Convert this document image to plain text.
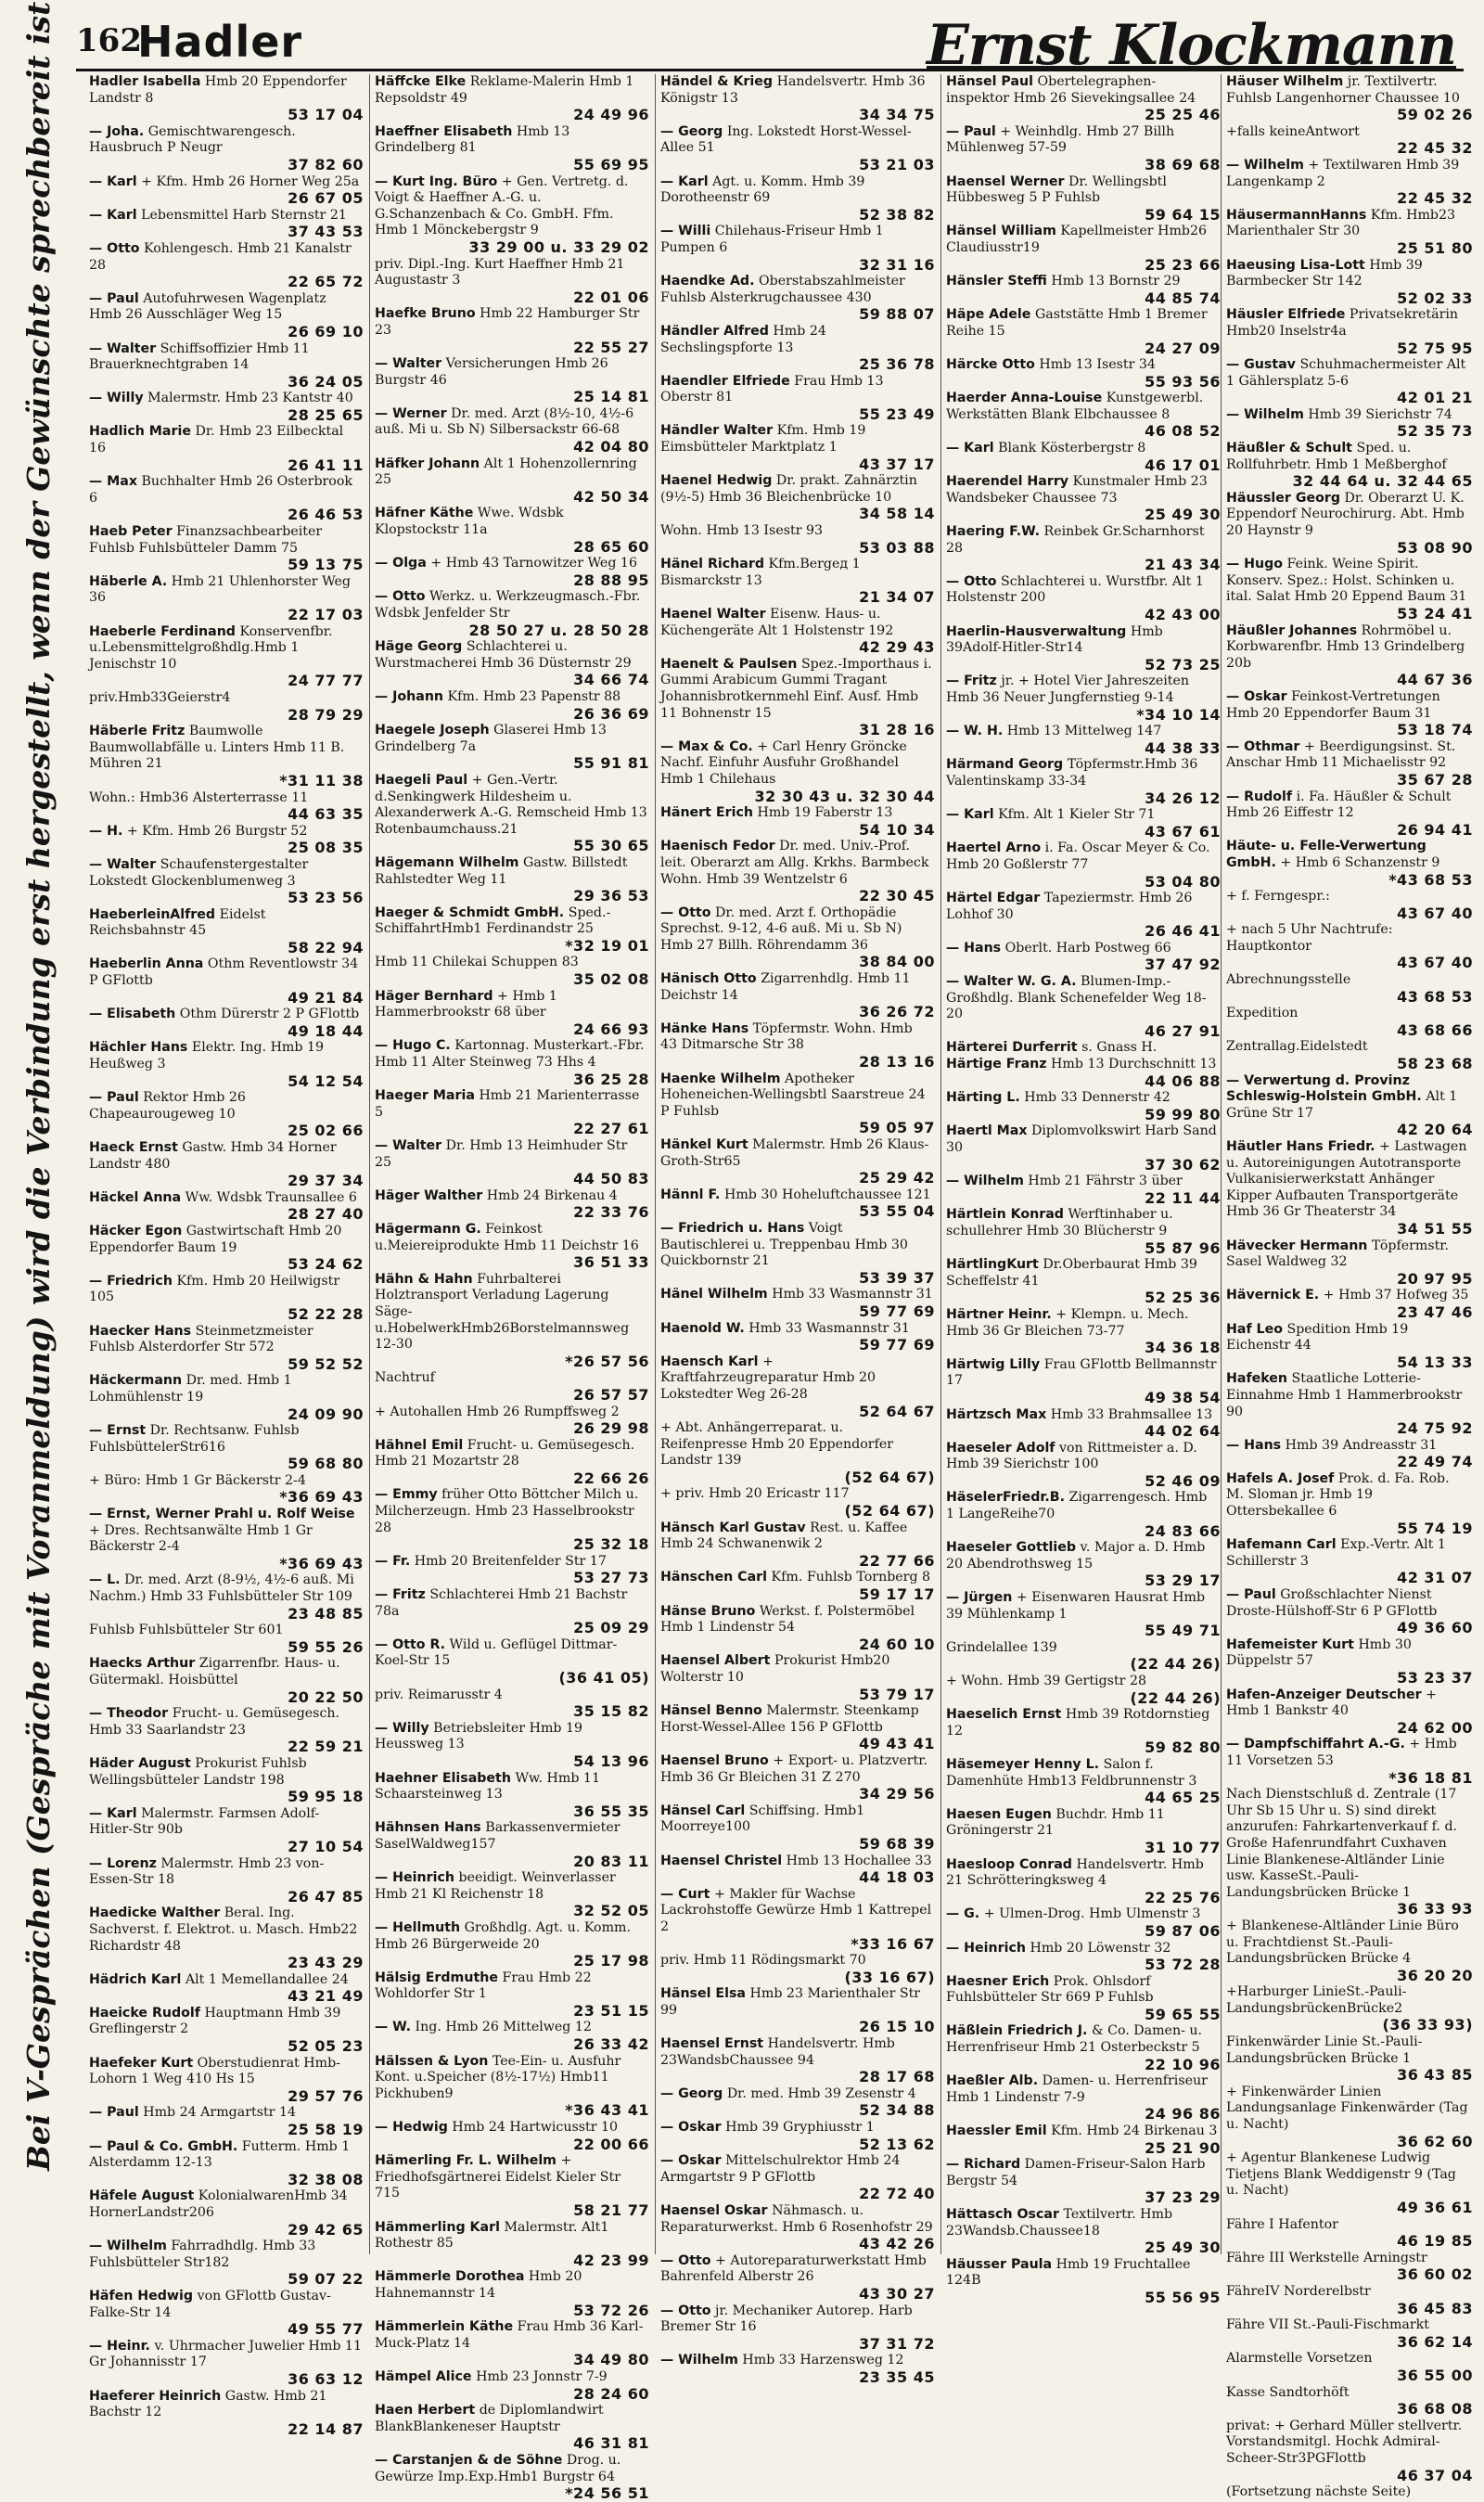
162
Hadler	Ernst Klockmann
Bei V-Gesprächen (Gespräche mit Voranmeldung) wird die Verbindung erst hergestellt, wenn der Gewünschte sprechbereit ist Hadler Isabella Hmb 20 Eppendorfer Landstr 8
53 17 04
— Joha. Gemischtwarengesch. Hausbruch P Neugr
37 82 60
— Karl + Kfm. Hmb 26 Horner Weg 25a
26 67 05
— Karl Lebensmittel Harb Sternstr 21
37 43 53
— Otto Kohlengesch. Hmb 21 Kanalstr 28
22 65 72
— Paul Autofuhrwesen Wagenplatz Hmb 26 Ausschläger Weg 15
26 69 10
— Walter Schiffsoffizier Hmb 11 Brauerknechtgraben 14
36 24 05
— Willy Malermstr. Hmb 23 Kantstr 40
28 25 65
Hadlich Marie Dr. Hmb 23 Eilbecktal 16
26 41 11
— Max Buchhalter Hmb 26 Osterbrook 6
26 46 53
Haeb Peter Finanzsachbearbeiter Fuhlsb Fuhlsbütteler Damm 75
59 13 75
Häberle A. Hmb 21 Uhlenhorster Weg 36
22 17 03
Haeberle Ferdinand Konservenfbr. u.Lebensmittelgroßhdlg.Hmb 1 Jenischstr 10
24 77 77
priv.Hmb33Geierstr4
28 79 29
Häberle Fritz Baumwolle Baumwollabfälle u. Linters Hmb 11 B. Mühren 21
*31 11 38
Wohn.: Hmb36 Alsterterrasse 11
44 63 35
— H. + Kfm. Hmb 26 Burgstr 52
25 08 35
— Walter Schaufenstergestalter Lokstedt Glockenblumenweg 3
53 23 56
HaeberleinAlfred Eidelst Reichsbahnstr 45
58 22 94
Haeberlin Anna Othm Reventlowstr 34 P GFlottb
49 21 84
— Elisabeth Othm Dürerstr 2 P GFlottb
49 18 44
Hächler Hans Elektr. Ing. Hmb 19 Heußweg 3
54 12 54
— Paul Rektor Hmb 26 Chapeaurougeweg 10
25 02 66
Haeck Ernst Gastw. Hmb 34 Horner Landstr 480
29 37 34
Häckel Anna Ww. Wdsbk Traunsallee 6
28 27 40
Häcker Egon Gastwirtschaft Hmb 20 Eppendorfer Baum 19
53 24 62
— Friedrich Kfm. Hmb 20 Heilwigstr 105
52 22 28
Haecker Hans Steinmetzmeister Fuhlsb Alsterdorfer Str 572
59 52 52
Häckermann Dr. med. Hmb 1 Lohmühlenstr 19
24 09 90
— Ernst Dr. Rechtsanw. Fuhlsb FuhlsbüttelerStr616
59 68 80
+ Büro: Hmb 1 Gr Bäckerstr 2-4
*36 69 43
— Ernst, Werner Prahl u. Rolf Weise + Dres. Rechtsanwälte Hmb 1 Gr Bäckerstr 2-4
*36 69 43
— L. Dr. med. Arzt (8-9½, 4½-6 auß. Mi Nachm.) Hmb 33 Fuhlsbütteler Str 109
23 48 85
Fuhlsb Fuhlsbütteler Str 601
59 55 26
Haecks Arthur Zigarrenfbr. Haus- u. Gütermakl. Hoisbüttel
20 22 50
— Theodor Frucht- u. Gemüsegesch. Hmb 33 Saarlandstr 23
22 59 21
Häder August Prokurist Fuhlsb Wellingsbütteler Landstr 198
59 95 18
— Karl Malermstr. Farmsen Adolf-Hitler-Str 90b
27 10 54
— Lorenz Malermstr. Hmb 23 von-Essen-Str 18
26 47 85
Haedicke Walther Beral. Ing. Sachverst. f. Elektrot. u. Masch. Hmb22 Richardstr 48
23 43 29
Hädrich Karl Alt 1 Memellandallee 24
43 21 49
Haeicke Rudolf Hauptmann Hmb 39 Greflingerstr 2
52 05 23
Haefeker Kurt Oberstudienrat Hmb-Lohorn 1 Weg 410 Hs 15
29 57 76
— Paul Hmb 24 Armgartstr 14
25 58 19
— Paul & Co. GmbH. Futterm. Hmb 1 Alsterdamm 12-13
32 38 08
Häfele August KolonialwarenHmb 34 HornerLandstr206
29 42 65
— Wilhelm Fahrradhdlg. Hmb 33 Fuhlsbütteler Str182
59 07 22
Häfen Hedwig von GFlottb Gustav-Falke-Str 14
49 55 77
— Heinr. v. Uhrmacher Juwelier Hmb 11 Gr Johannisstr 17
36 63 12
Haeferer Heinrich Gastw. Hmb 21 Bachstr 12
22 14 87
Häffcke Elke Reklame-Malerin Hmb 1 Repsoldstr 49
24 49 96
Haeffner Elisabeth Hmb 13 Grindelberg 81
55 69 95
— Kurt Ing. Büro + Gen. Vertretg. d. Voigt & Haeffner A.-G. u. G.Schanzenbach & Co. GmbH. Ffm. Hmb 1 Mönckebergstr 9
33 29 00 u. 33 29 02
priv. Dipl.-Ing. Kurt Haeffner Hmb 21 Augustastr 3
22 01 06
Haefke Bruno Hmb 22 Hamburger Str 23
22 55 27
— Walter Versicherungen Hmb 26 Burgstr 46
25 14 81
— Werner Dr. med. Arzt (8½-10, 4½-6 auß. Mi u. Sb N) Silbersackstr 66-68
42 04 80
Häfker Johann Alt 1 Hohenzollernring 25
42 50 34
Häfner Käthe Wwe. Wdsbk Klopstockstr 11a
28 65 60
— Olga + Hmb 43 Tarnowitzer Weg 16
28 88 95
— Otto Werkz. u. Werkzeugmasch.-Fbr. Wdsbk Jenfelder Str
28 50 27 u. 28 50 28
Häge Georg Schlachterei u. Wurstmacherei Hmb 36 Düsternstr 29
34 66 74
— Johann Kfm. Hmb 23 Papenstr 88
26 36 69
Haegele Joseph Glaserei Hmb 13 Grindelberg 7a
55 91 81
Haegeli Paul + Gen.-Vertr. d.Senkingwerk Hildesheim u. Alexanderwerk A.-G. Remscheid Hmb 13 Rotenbaumchauss.21
55 30 65
Hägemann Wilhelm Gastw. Billstedt Rahlstedter Weg 11
29 36 53
Haeger & Schmidt GmbH. Sped.-SchiffahrtHmb1 Ferdinandstr 25
*32 19 01
Hmb 11 Chilekai Schuppen 83
35 02 08
Häger Bernhard + Hmb 1 Hammerbrookstr 68 über
24 66 93
— Hugo C. Kartonnag. Musterkart.-Fbr. Hmb 11 Alter Steinweg 73 Hhs 4
36 25 28
Haeger Maria Hmb 21 Marienterrasse 5
22 27 61
— Walter Dr. Hmb 13 Heimhuder Str 25
44 50 83
Häger Walther Hmb 24 Birkenau 4
22 33 76
Hägermann G. Feinkost u.Meiereiprodukte Hmb 11 Deichstr 16
36 51 33
Hähn & Hahn Fuhrbalterei Holztransport Verladung Lagerung Säge- u.HobelwerkHmb26Borstelmannsweg 12-30
*26 57 56
Nachtruf
26 57 57
+ Autohallen Hmb 26 Rumpffsweg 2
26 29 98
Hähnel Emil Frucht- u. Gemüsegesch. Hmb 21 Mozartstr 28
22 66 26
— Emmy früher Otto Böttcher Milch u. Milcherzeugn. Hmb 23 Hasselbrookstr 28
25 32 18
— Fr. Hmb 20 Breitenfelder Str 17
53 27 73
— Fritz Schlachterei Hmb 21 Bachstr 78a
25 09 29
— Otto R. Wild u. Geflügel Dittmar-Koel-Str 15
(36 41 05)
priv. Reimarusstr 4
35 15 82
— Willy Betriebsleiter Hmb 19 Heussweg 13
54 13 96
Haehner Elisabeth Ww. Hmb 11 Schaarsteinweg 13
36 55 35
Hähnsen Hans Barkassenvermieter SaselWaldweg157
20 83 11
— Heinrich beeidigt. Weinverlasser Hmb 21 Kl Reichenstr 18
32 52 05
— Hellmuth Großhdlg. Agt. u. Komm. Hmb 26 Bürgerweide 20
25 17 98
Hälsig Erdmuthe Frau Hmb 22 Wohldorfer Str 1
23 51 15
— W. Ing. Hmb 26 Mittelweg 12
26 33 42
Hälssen & Lyon Tee-Ein- u. Ausfuhr Kont. u.Speicher (8½-17½) Hmb11 Pickhuben9
*36 43 41
— Hedwig Hmb 24 Hartwicusstr 10
22 00 66
Hämerling Fr. L. Wilhelm + Friedhofsgärtnerei Eidelst Kieler Str 715
58 21 77
Hämmerling Karl Malermstr. Alt1 Rothestr 85
42 23 99
Hämmerle Dorothea Hmb 20 Hahnemannstr 14
53 72 26
Hämmerlein Käthe Frau Hmb 36 Karl-Muck-Platz 14
34 49 80
Hämpel Alice Hmb 23 Jonnstr 7-9
28 24 60
Haen Herbert de Diplomlandwirt BlankBlankeneser Hauptstr
46 31 81
— Carstanjen & de Söhne Drog. u. Gewürze Imp.Exp.Hmb1 Burgstr 64
*24 56 51
Händel & Krieg Handelsvertr. Hmb 36 Königstr 13
34 34 75
— Georg Ing. Lokstedt Horst-Wessel-Allee 51
53 21 03
— Karl Agt. u. Komm. Hmb 39 Dorotheenstr 69
52 38 82
— Willi Chilehaus-Friseur Hmb 1 Pumpen 6
32 31 16
Haendke Ad. Oberstabszahlmeister Fuhlsb Alsterkrugchaussee 430
59 88 07
Händler Alfred Hmb 24 Sechslingspforte 13
25 36 78
Haendler Elfriede Frau Hmb 13 Oberstr 81
55 23 49
Händler Walter Kfm. Hmb 19 Eimsbütteler Marktplatz 1
43 37 17
Haenel Hedwig Dr. prakt. Zahnärztin (9½-5) Hmb 36 Bleichenbrücke 10
34 58 14
Wohn. Hmb 13 Isestr 93
53 03 88
Hänel Richard Kfm.Bergед 1 Bismarckstr 13
21 34 07
Haenel Walter Eisenw. Haus- u. Küchengeräte Alt 1 Holstenstr 192
42 29 43
Haenelt & Paulsen Spez.-Importhaus i. Gummi Arabicum Gummi Tragant Johannisbrotkernmehl Einf. Ausf. Hmb 11 Bohnenstr 15
31 28 16
— Max & Co. + Carl Henry Gröncke Nachf. Einfuhr Ausfuhr Großhandel Hmb 1 Chilehaus
32 30 43 u. 32 30 44
Hänert Erich Hmb 19 Faberstr 13
54 10 34
Haenisch Fedor Dr. med. Univ.-Prof. leit. Oberarzt am Allg. Krkhs. Barmbeck Wohn. Hmb 39 Wentzelstr 6
22 30 45
— Otto Dr. med. Arzt f. Orthopädie Sprechst. 9-12, 4-6 auß. Mi u. Sb N) Hmb 27 Billh. Röhrendamm 36
38 84 00
Hänisch Otto Zigarrenhdlg. Hmb 11 Deichstr 14
36 26 72
Hänke Hans Töpfermstr. Wohn. Hmb 43 Ditmarsche Str 38
28 13 16
Haenke Wilhelm Apotheker Hoheneichen-Wellingsbtl Saarstreue 24 P Fuhlsb
59 05 97
Hänkel Kurt Malermstr. Hmb 26 Klaus-Groth-Str65
25 29 42
Hännl F. Hmb 30 Hoheluftchaussee 121
53 55 04
— Friedrich u. Hans Voigt Bautischlerei u. Treppenbau Hmb 30 Quickbornstr 21
53 39 37
Hänel Wilhelm Hmb 33 Wasmannstr 31
59 77 69
Haenold W. Hmb 33 Wasmannstr 31
59 77 69
Haensch Karl + Kraftfahrzeugreparatur Hmb 20 Lokstedter Weg 26-28
52 64 67
+ Abt. Anhängerreparat. u. Reifenpresse Hmb 20 Eppendorfer Landstr 139
(52 64 67)
+ priv. Hmb 20 Ericastr 117
(52 64 67)
Hänsch Karl Gustav Rest. u. Kaffee Hmb 24 Schwanenwik 2
22 77 66
Hänschen Carl Kfm. Fuhlsb Tornberg 8
59 17 17
Hänse Bruno Werkst. f. Polstermöbel Hmb 1 Lindenstr 54
24 60 10
Haensel Albert Prokurist Hmb20 Wolterstr 10
53 79 17
Hänsel Benno Malermstr. Steenkamp Horst-Wessel-Allee 156 P GFlottb
49 43 41
Haensel Bruno + Export- u. Platzvertr. Hmb 36 Gr Bleichen 31 Z 270
34 29 56
Hänsel Carl Schiffsing. Hmb1 Moorreye100
59 68 39
Haensel Christel Hmb 13 Hochallee 33
44 18 03
— Curt + Makler für Wachse Lackrohstoffe Gewürze Hmb 1 Kattrepel 2
*33 16 67
priv. Hmb 11 Rödingsmarkt 70
(33 16 67)
Hänsel Elsa Hmb 23 Marienthaler Str 99
26 15 10
Haensel Ernst Handelsvertr. Hmb 23WandsbChaussee 94
28 17 68
— Georg Dr. med. Hmb 39 Zesenstr 4
52 34 88
— Oskar Hmb 39 Gryphiusstr 1
52 13 62
— Oskar Mittelschulrektor Hmb 24 Armgartstr 9 P GFlottb
22 72 40
Haensel Oskar Nähmasch. u. Reparaturwerkst. Hmb 6 Rosenhofstr 29
43 42 26
— Otto + Autoreparaturwerkstatt Hmb Bahrenfeld Alberstr 26
43 30 27
— Otto jr. Mechaniker Autorep. Harb Bremer Str 16
37 31 72
— Wilhelm Hmb 33 Harzensweg 12
23 35 45
Hänsel Paul Obertelegraphen-inspektor Hmb 26 Sievekingsallee 24
25 25 46
— Paul + Weinhdlg. Hmb 27 Billh Mühlenweg 57-59
38 69 68
Haensel Werner Dr. Wellingsbtl Hübbesweg 5 P Fuhlsb
59 64 15
Hänsel William Kapellmeister Hmb26 Claudiusstr19
25 23 66
Hänsler Steffi Hmb 13 Bornstr 29
44 85 74
Häpe Adele Gaststätte Hmb 1 Bremer Reihe 15
24 27 09
Härcke Otto Hmb 13 Isestr 34
55 93 56
Haerder Anna-Louise Kunstgewerbl. Werkstätten Blank Elbchaussee 8
46 08 52
— Karl Blank Kösterbergstr 8
46 17 01
Haerendel Harry Kunstmaler Hmb 23 Wandsbeker Chaussee 73
25 49 30
Haering F.W. Reinbek Gr.Scharnhorst 28
21 43 34
— Otto Schlachterei u. Wurstfbr. Alt 1 Holstenstr 200
42 43 00
Haerlin-Hausverwaltung Hmb 39Adolf-Hitler-Str14
52 73 25
— Fritz jr. + Hotel Vier Jahreszeiten Hmb 36 Neuer Jungfernstieg 9-14
*34 10 14
— W. H. Hmb 13 Mittelweg 147
44 38 33
Härmand Georg Töpfermstr.Hmb 36 Valentinskamp 33-34
34 26 12
— Karl Kfm. Alt 1 Kieler Str 71
43 67 61
Haertel Arno i. Fa. Oscar Meyer & Co. Hmb 20 Goßlerstr 77
53 04 80
Härtel Edgar Tapeziermstr. Hmb 26 Lohhof 30
26 46 41
— Hans Oberlt. Harb Postweg 66
37 47 92
— Walter W. G. A. Blumen-Imp.-Großhdlg. Blank Schenefelder Weg 18-20
46 27 91
Härterei Durferrit s. Gnass H.
Härtige Franz Hmb 13 Durchschnitt 13
44 06 88
Härting L. Hmb 33 Dennerstr 42
59 99 80
Haertl Max Diplomvolkswirt Harb Sand 30
37 30 62
— Wilhelm Hmb 21 Fährstr 3 über
22 11 44
Härtlein Konrad Werftinhaber u. schullehrer Hmb 30 Blücherstr 9
55 87 96
HärtlingKurt Dr.Oberbaurat Hmb 39 Scheffelstr 41
52 25 36
Härtner Heinr. + Klempn. u. Mech. Hmb 36 Gr Bleichen 73-77
34 36 18
Härtwig Lilly Frau GFlottb Bellmannstr 17
49 38 54
Härtzsch Max Hmb 33 Brahmsallee 13
44 02 64
Haeseler Adolf von Rittmeister a. D. Hmb 39 Sierichstr 100
52 46 09
HäselerFriedr.B. Zigarrengesch. Hmb 1 LangeReihe70
24 83 66
Haeseler Gottlieb v. Major a. D. Hmb 20 Abendrothsweg 15
53 29 17
— Jürgen + Eisenwaren Hausrat Hmb 39 Mühlenkamp 1
55 49 71
Grindelallee 139
(22 44 26)
+ Wohn. Hmb 39 Gertigstr 28
(22 44 26)
Haeselich Ernst Hmb 39 Rotdornstieg 12
59 82 80
Häsemeyer Henny L. Salon f. Damenhüte Hmb13 Feldbrunnenstr 3
44 65 25
Haesen Eugen Buchdr. Hmb 11 Gröningerstr 21
31 10 77
Haesloop Conrad Handelsvertr. Hmb 21 Schrötteringksweg 4
22 25 76
— G. + Ulmen-Drog. Hmb Ulmenstr 3
59 87 06
— Heinrich Hmb 20 Löwenstr 32
53 72 28
Haesner Erich Prok. Ohlsdorf Fuhlsbütteler Str 669 P Fuhlsb
59 65 55
Häßlein Friedrich J. & Co. Damen- u. Herrenfriseur Hmb 21 Osterbeckstr 5
22 10 96
Haeßler Alb. Damen- u. Herrenfriseur Hmb 1 Lindenstr 7-9
24 96 86
Haessler Emil Kfm. Hmb 24 Birkenau 3
25 21 90
— Richard Damen-Friseur-Salon Harb Bergstr 54
37 23 29
Hättasch Oscar Textilvertr. Hmb 23Wandsb.Chaussee18
25 49 30
Häusser Paula Hmb 19 Fruchtallee 124B
55 56 95
Häuser Wilhelm jr. Textilvertr. Fuhlsb Langenhorner Chaussee 10
59 02 26
+falls keineAntwort
22 45 32
— Wilhelm + Textilwaren Hmb 39 Langenkamp 2
22 45 32
HäusermannHanns Kfm. Hmb23 Marienthaler Str 30
25 51 80
Haeusing Lisa-Lott Hmb 39 Barmbecker Str 142
52 02 33
Häusler Elfriede Privatsekretärin Hmb20 Inselstr4a
52 75 95
— Gustav Schuhmachermeister Alt 1 Gählersplatz 5-6
42 01 21
— Wilhelm Hmb 39 Sierichstr 74
52 35 73
Häußler & Schult Sped. u. Rollfuhrbetr. Hmb 1 Meßberghof
32 44 64 u. 32 44 65
Häussler Georg Dr. Oberarzt U. K. Eppendorf Neurochirurg. Abt. Hmb 20 Haynstr 9
53 08 90
— Hugo Feink. Weine Spirit. Konserv. Spez.: Holst. Schinken u. ital. Salat Hmb 20 Eppend Baum 31
53 24 41
Häußler Johannes Rohrmöbel u. Korbwarenfbr. Hmb 13 Grindelberg 20b
44 67 36
— Oskar Feinkost-Vertretungen Hmb 20 Eppendorfer Baum 31
53 18 74
— Othmar + Beerdigungsinst. St. Anschar Hmb 11 Michaelisstr 92
35 67 28
— Rudolf i. Fa. Häußler & Schult Hmb 26 Eiffestr 12
26 94 41
Häute- u. Felle-Verwertung GmbH. + Hmb 6 Schanzenstr 9
*43 68 53
+ f. Ferngespr.:
43 67 40
+ nach 5 Uhr Nachtrufe: Hauptkontor
43 67 40
Abrechnungsstelle
43 68 53
Expedition
43 68 66
Zentrallag.Eidelstedt
58 23 68
— Verwertung d. Provinz Schleswig-Holstein GmbH. Alt 1 Grüne Str 17
42 20 64
Häutler Hans Friedr. + Lastwagen u. Autoreinigungen Autotransporte Vulkanisierwerkstatt Anhänger Kipper Aufbauten Transportgeräte Hmb 36 Gr Theaterstr 34
34 51 55
Hävecker Hermann Töpfermstr. Sasel Waldweg 32
20 97 95
Hävernick E. + Hmb 37 Hofweg 35
23 47 46
Haf Leo Spedition Hmb 19 Eichenstr 44
54 13 33
Hafeken Staatliche Lotterie-Einnahme Hmb 1 Hammerbrookstr 90
24 75 92
— Hans Hmb 39 Andreasstr 31
22 49 74
Hafels A. Josef Prok. d. Fa. Rob. M. Sloman jr. Hmb 19 Ottersbekallee 6
55 74 19
Hafemann Carl Exp.-Vertr. Alt 1 Schillerstr 3
42 31 07
— Paul Großschlachter Nienst Droste-Hülshoff-Str 6 P GFlottb
49 36 60
Hafemeister Kurt Hmb 30 Düppelstr 57
53 23 37
Hafen-Anzeiger Deutscher + Hmb 1 Bankstr 40
24 62 00
— Dampfschiffahrt A.-G. + Hmb 11 Vorsetzen 53
*36 18 81
Nach Dienstschluß d. Zentrale (17 Uhr Sb 15 Uhr u. S) sind direkt anzurufen: Fahrkartenverkauf f. d. Große Hafenrundfahrt Cuxhaven Linie Blankenese-Altländer Linie usw. KasseSt.-Pauli-Landungsbrücken Brücke 1
36 33 93
+ Blankenese-Altländer Linie Büro u. Frachtdienst St.-Pauli-Landungsbrücken Brücke 4
36 20 20
+Harburger LinieSt.-Pauli-LandungsbrückenBrücke2
(36 33 93)
Finkenwärder Linie St.-Pauli-Landungsbrücken Brücke 1
36 43 85
+ Finkenwärder Linien Landungsanlage Finkenwärder (Tag u. Nacht)
36 62 60
+ Agentur Blankenese Ludwig Tietjens Blank Weddigenstr 9 (Tag u. Nacht)
49 36 61
Fähre I Hafentor
46 19 85
Fähre III Werkstelle Arningstr
36 60 02
FähreIV Norderelbstr
36 45 83
Fähre VII St.-Pauli-Fischmarkt
36 62 14
Alarmstelle Vorsetzen
36 55 00
Kasse Sandtorhöft
36 68 08
privat: + Gerhard Müller stellvertr. Vorstandsmitgl. Hochk Admiral-Scheer-Str3PGFlottb
46 37 04
(Fortsetzung nächste Seite)
